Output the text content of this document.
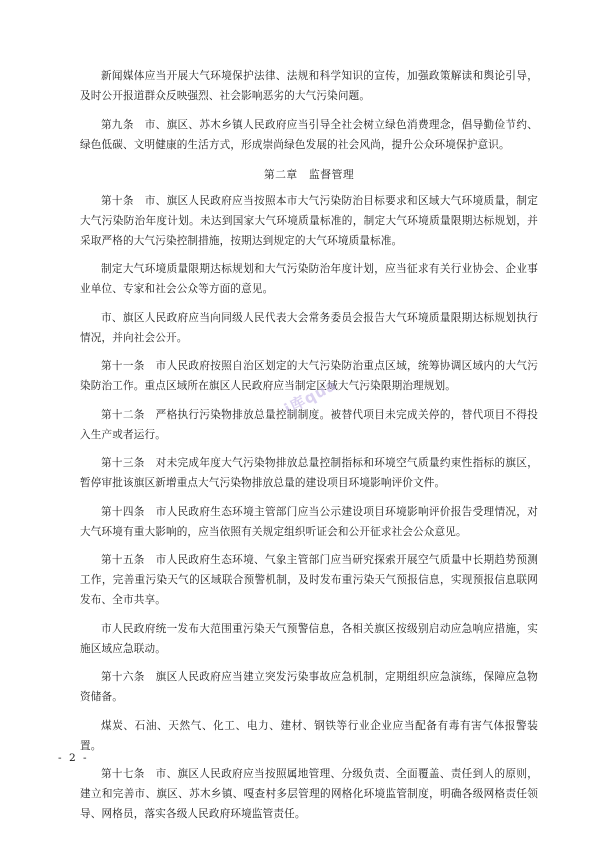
新闻媒体应当开展大气环境保护法律、法规和科学知识的宣传，加强政策解读和舆论引导，及时公开报道群众反映强烈、社会影响恶劣的大气污染问题。

第九条　市、旗区、苏木乡镇人民政府应当引导全社会树立绿色消费理念，倡导勤俭节约、绿色低碳、文明健康的生活方式，形成崇尚绿色发展的社会风尚，提升公众环境保护意识。

第二章　监督管理

第十条　市、旗区人民政府应当按照本市大气污染防治目标要求和区域大气环境质量，制定大气污染防治年度计划。未达到国家大气环境质量标准的，制定大气环境质量限期达标规划，并采取严格的大气污染控制措施，按期达到规定的大气环境质量标准。

制定大气环境质量限期达标规划和大气污染防治年度计划，应当征求有关行业协会、企业事业单位、专家和社会公众等方面的意见。

市、旗区人民政府应当向同级人民代表大会常务委员会报告大气环境质量限期达标规划执行情况，并向社会公开。

第十一条　市人民政府按照自治区划定的大气污染防治重点区域，统筹协调区域内的大气污染防治工作。重点区域所在旗区人民政府应当制定区域大气污染限期治理规划。

第十二条　严格执行污染物排放总量控制制度。被替代项目未完成关停的，替代项目不得投入生产或者运行。

第十三条　对未完成年度大气污染物排放总量控制指标和环境空气质量约束性指标的旗区，暂停审批该旗区新增重点大气污染物排放总量的建设项目环境影响评价文件。

第十四条　市人民政府生态环境主管部门应当公示建设项目环境影响评价报告受理情况，对大气环境有重大影响的，应当依照有关规定组织听证会和公开征求社会公众意见。

第十五条　市人民政府生态环境、气象主管部门应当研究探索开展空气质量中长期趋势预测工作，完善重污染天气的区域联合预警机制，及时发布重污染天气预报信息，实现预报信息联网发布、全市共享。

市人民政府统一发布大范围重污染天气预警信息，各相关旗区按级别启动应急响应措施，实施区域应急联动。

第十六条　旗区人民政府应当建立突发污染事故应急机制，定期组织应急演练，保障应急物资储备。

煤炭、石油、天然气、化工、电力、建材、钢铁等行业企业应当配备有毒有害气体报警装置。

第十七条　市、旗区人民政府应当按照属地管理、分级负责、全面覆盖、责任到人的原则，建立和完善市、旗区、苏木乡镇、嘎查村多层管理的网格化环境监管制度，明确各级网格责任领导、网格员，落实各级人民政府环境监管责任。

i库qua
- 2 -
